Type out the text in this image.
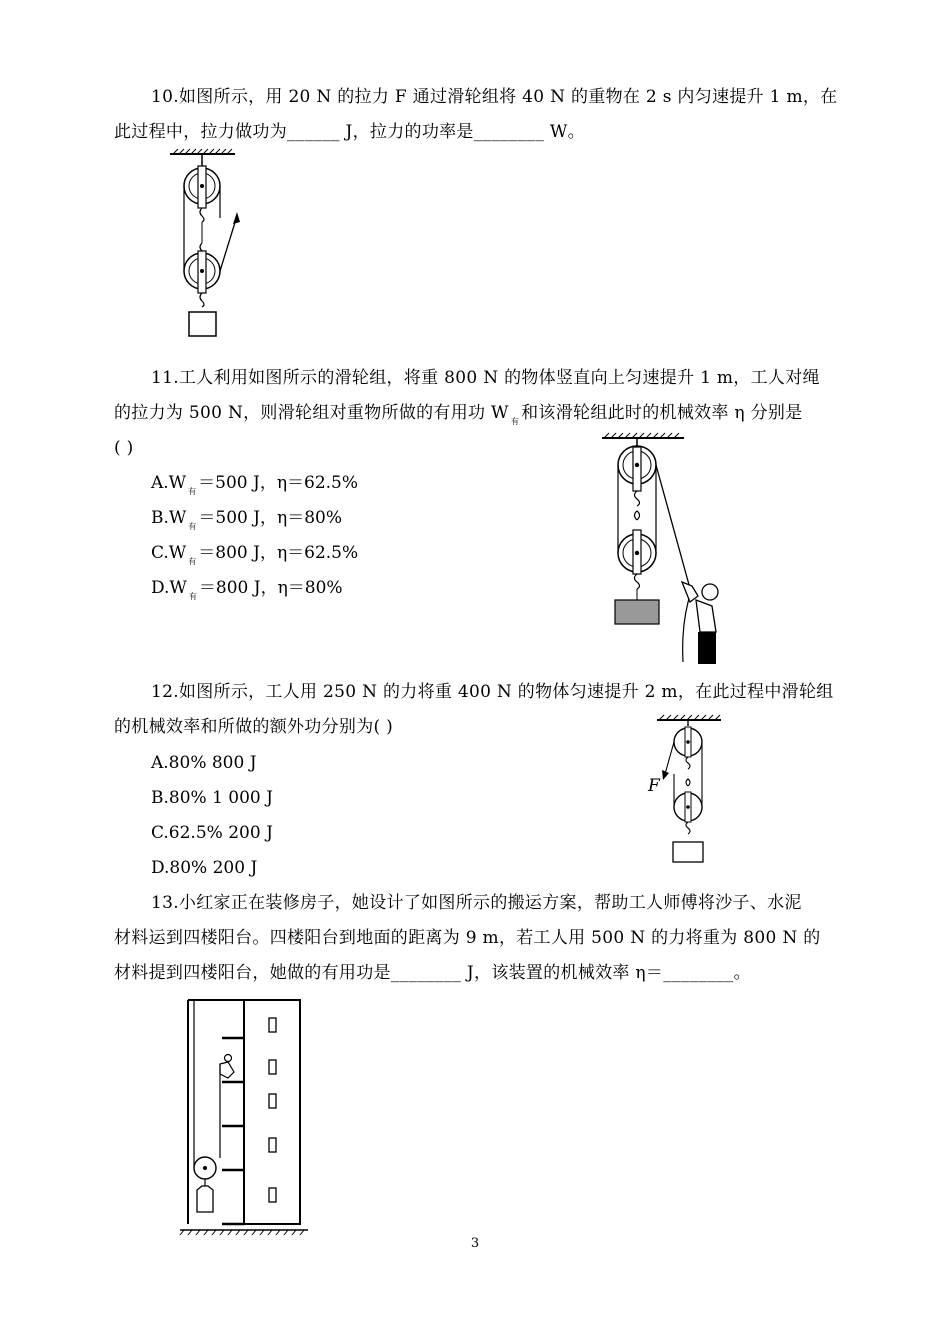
10.如图所示，用 20 N 的拉力 F 通过滑轮组将 40 N 的重物在 2 s 内匀速提升 1 m，在
此过程中，拉力做功为______ J，拉力的功率是________ W。
11.工人利用如图所示的滑轮组，将重 800 N 的物体竖直向上匀速提升 1 m，工人对绳
的拉力为 500 N，则滑轮组对重物所做的有用功 W $_有$ 和该滑轮组此时的机械效率 η 分别是
( )
A.W $_有$ ＝500 J，η＝62.5%
B.W $_有$ ＝500 J，η＝80%
C.W $_有$ ＝800 J，η＝62.5%
D.W $_有$ ＝800 J，η＝80%
12.如图所示，工人用 250 N 的力将重 400 N 的物体匀速提升 2 m，在此过程中滑轮组
的机械效率和所做的额外功分别为( )
A.80% 800 J
B.80% 1 000 J
C.62.5% 200 J
D.80% 200 J
F
13.小红家正在装修房子，她设计了如图所示的搬运方案，帮助工人师傅将沙子、水泥
材料运到四楼阳台。四楼阳台到地面的距离为 9 m，若工人用 500 N 的力将重为 800 N 的
材料提到四楼阳台，她做的有用功是________ J，该装置的机械效率 η＝________。
3
